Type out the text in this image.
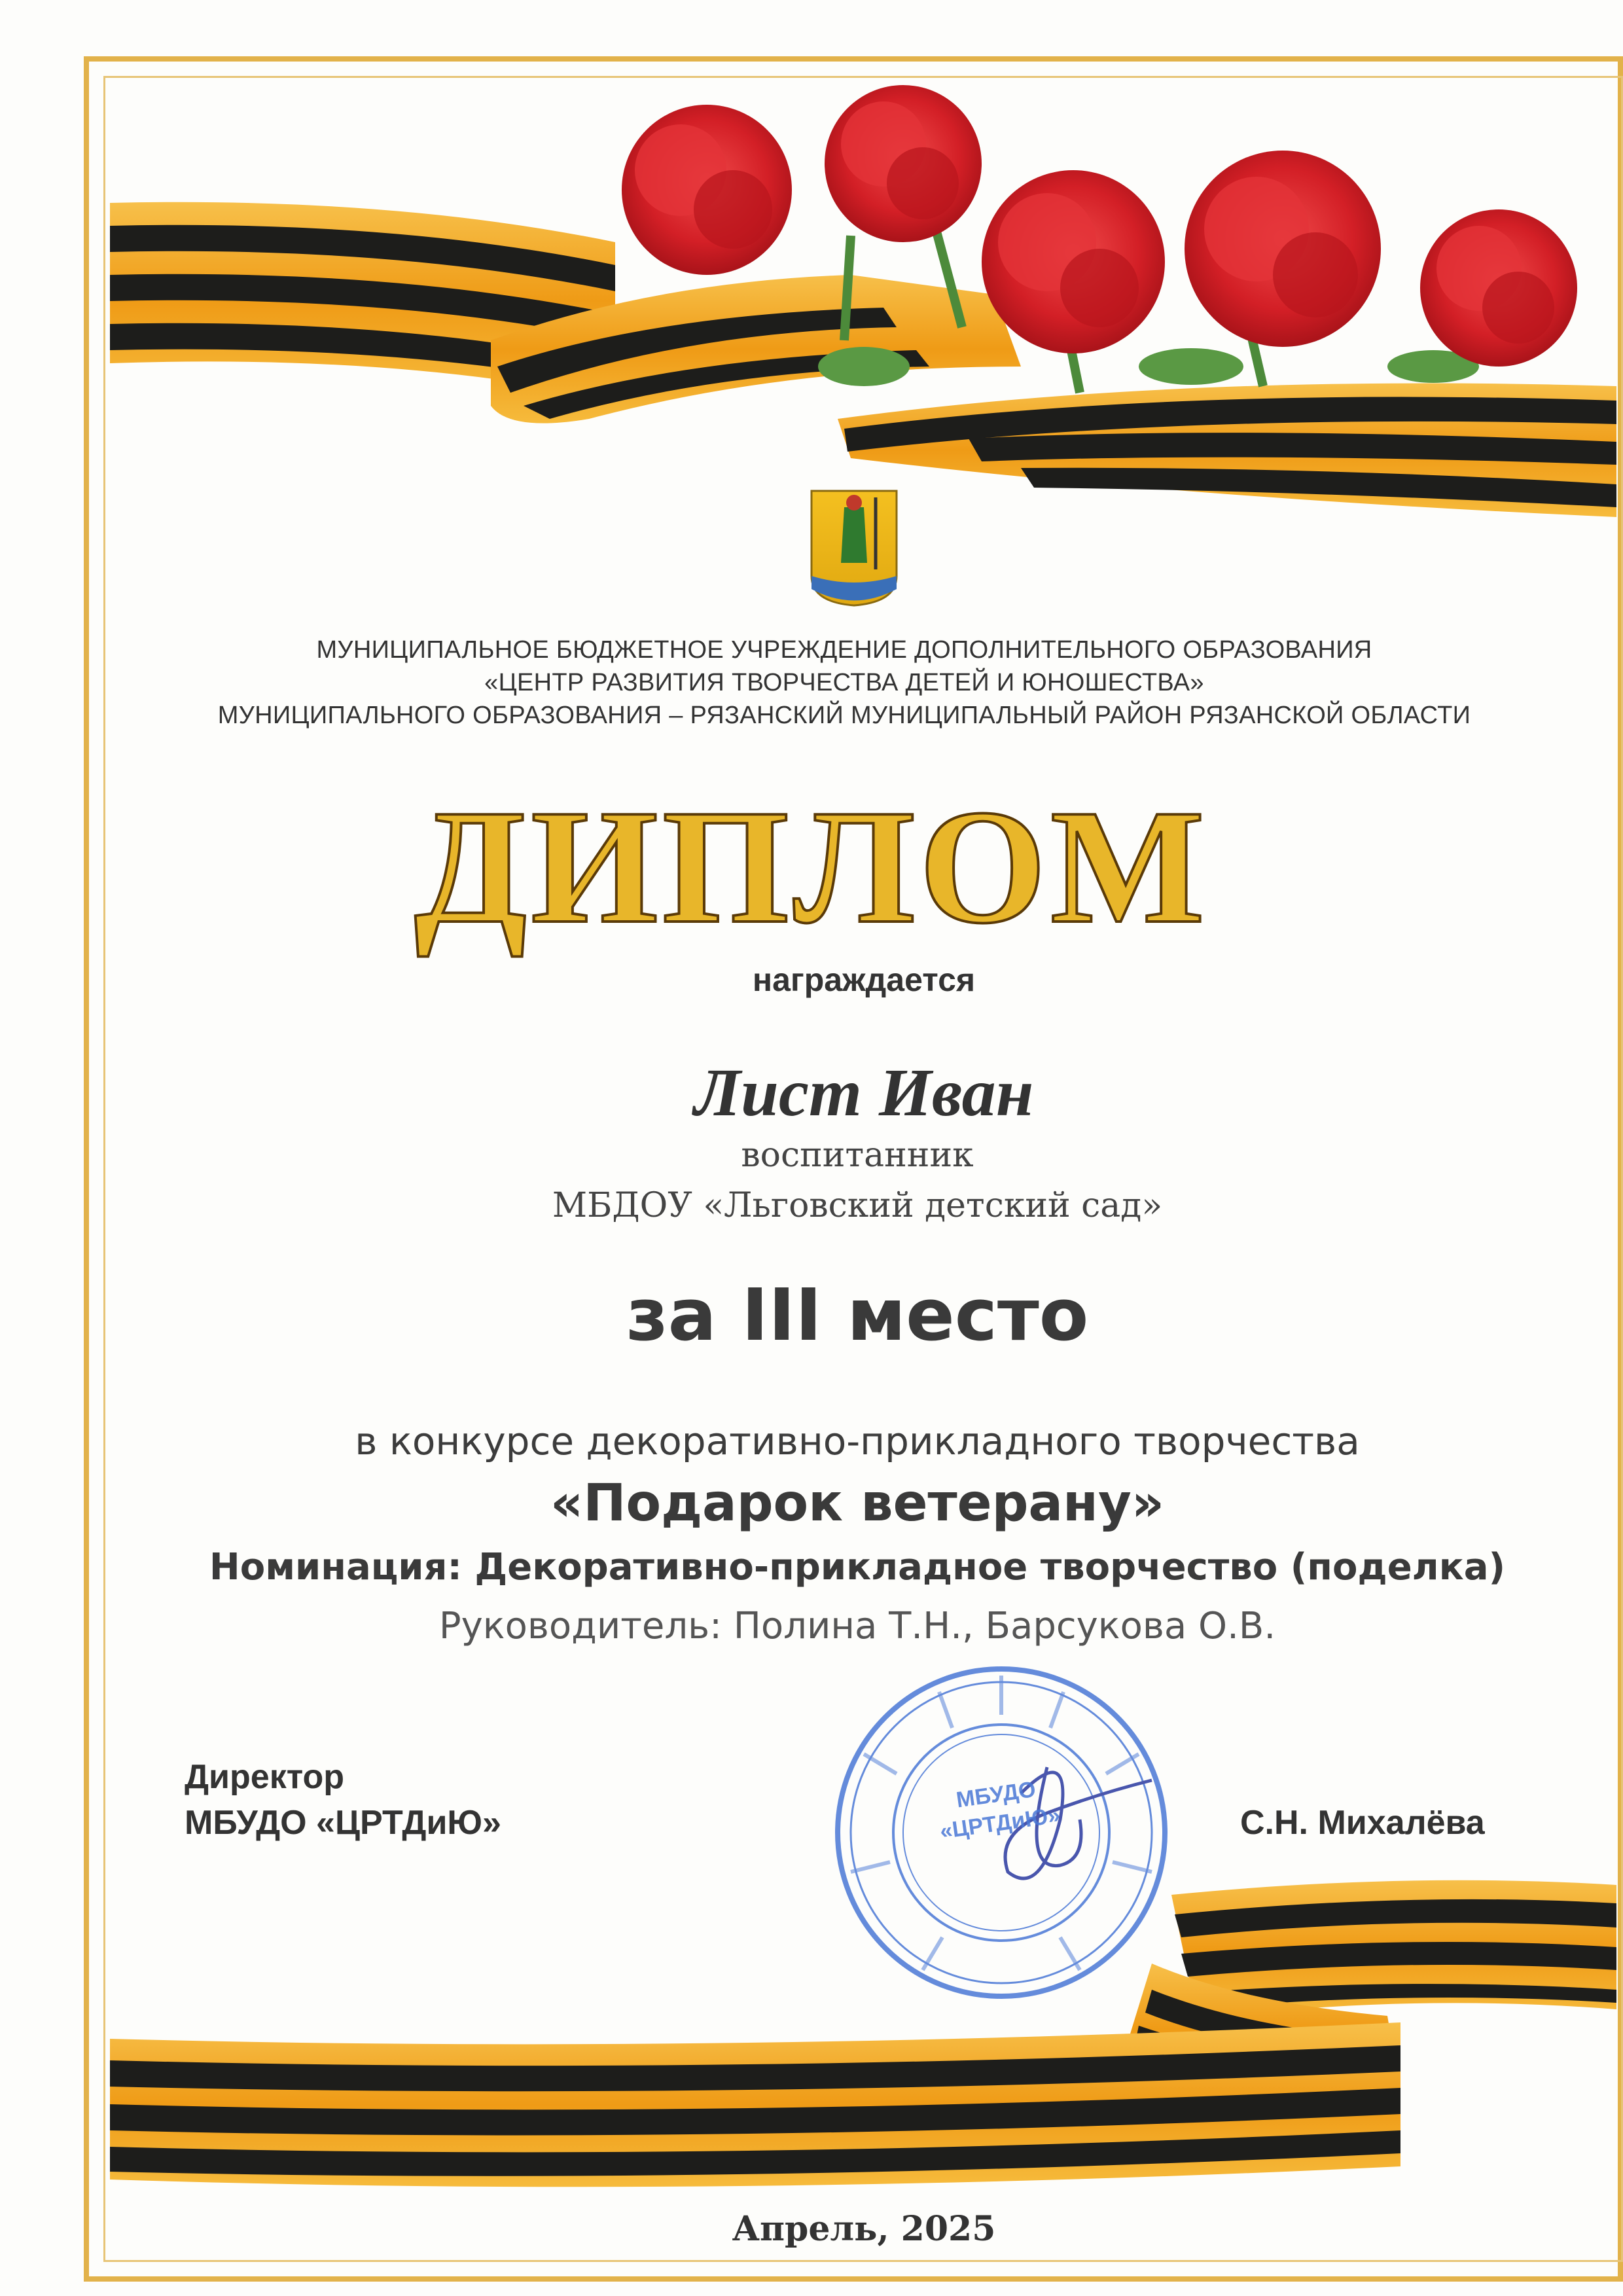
МБУДО
«ЦРТДиЮ»
МУНИЦИПАЛЬНОЕ БЮДЖЕТНОЕ УЧРЕЖДЕНИЕ ДОПОЛНИТЕЛЬНОГО ОБРАЗОВАНИЯ
«ЦЕНТР РАЗВИТИЯ ТВОРЧЕСТВА ДЕТЕЙ И ЮНОШЕСТВА»
МУНИЦИПАЛЬНОГО ОБРАЗОВАНИЯ – РЯЗАНСКИЙ МУНИЦИПАЛЬНЫЙ РАЙОН РЯЗАНСКОЙ ОБЛАСТИ
ДИПЛОМ
награждается
Лист Иван
воспитанник
МБДОУ «Льговский детский сад»
за III место
в конкурсе декоративно-прикладного творчества
«Подарок ветерану»
Номинация: Декоративно-прикладное творчество (поделка)
Руководитель: Полина Т.Н., Барсукова О.В.
Директор
МБУДО «ЦРТДиЮ»	С.Н. Михалёва
Апрель, 2025
